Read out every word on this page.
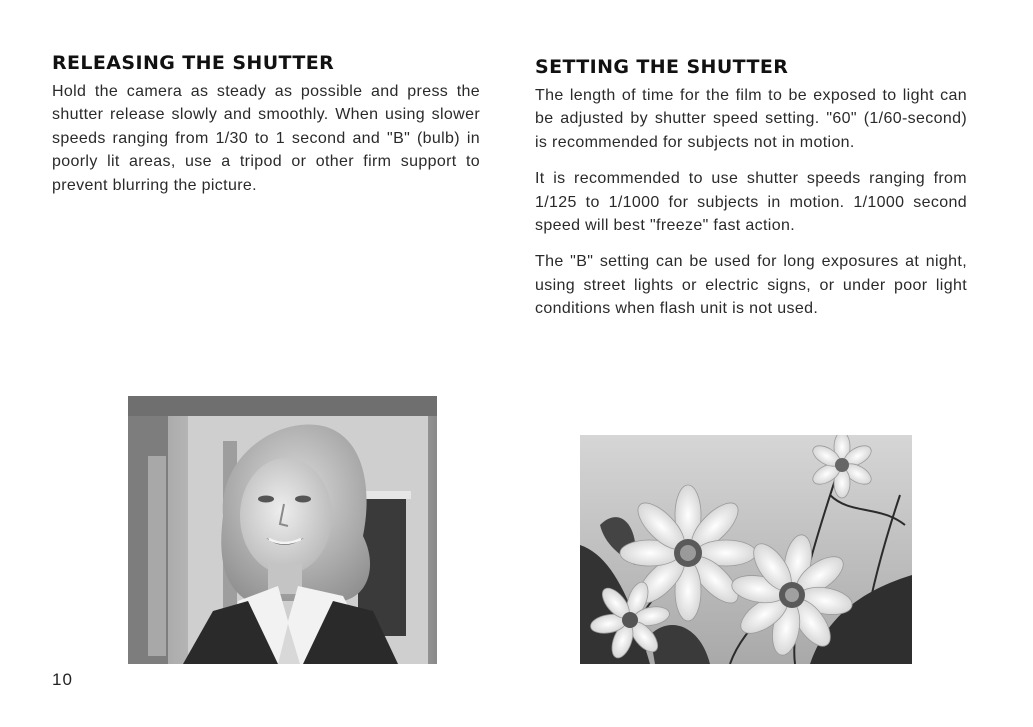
RELEASING THE SHUTTER

Hold the camera as steady as possible and press the shutter release slowly and smoothly. When using slower speeds ranging from 1/30 to 1 second and "B" (bulb) in poorly lit areas, use a tripod or other firm support to prevent blurring the picture.

SETTING THE SHUTTER

The length of time for the film to be exposed to light can be adjusted by shutter speed setting. "60" (1/60-second) is recommended for subjects not in motion.

It is recommended to use shutter speeds ranging from 1/125 to 1/1000 for subjects in motion. 1/1000 second speed will best "freeze" fast action.

The "B" setting can be used for long exposures at night, using street lights or electric signs, or under poor light conditions when flash unit is not used.

10
